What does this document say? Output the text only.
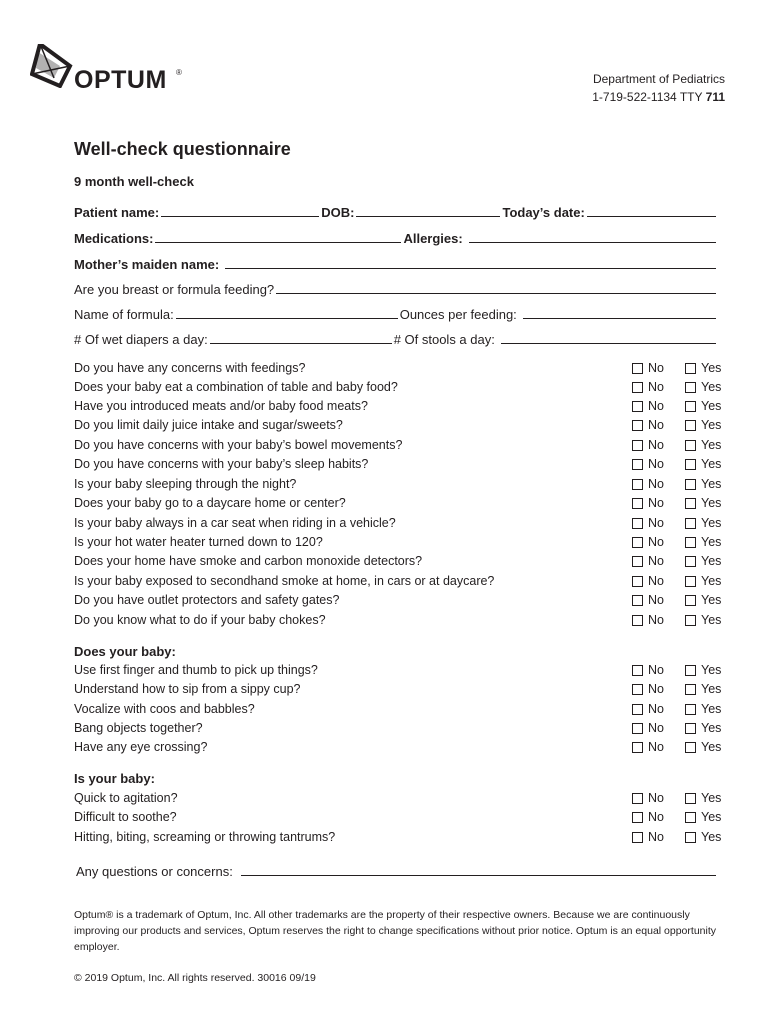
OPTUM ®	Department of Pediatrics
1-719-522-1134 TTY 711
Well-check questionnaire
9 month well-check
Patient name:	DOB:	Today’s date:
Medications:	Allergies:
Mother’s maiden name:
Are you breast or formula feeding?
Name of formula:	Ounces per feeding:
# Of wet diapers a day:	# Of stools a day:
Do you have any concerns with feedings?	No	Yes
Does your baby eat a combination of table and baby food?	No	Yes
Have you introduced meats and/or baby food meats?	No	Yes
Do you limit daily juice intake and sugar/sweets?	No	Yes
Do you have concerns with your baby’s bowel movements?	No	Yes
Do you have concerns with your baby’s sleep habits?	No	Yes
Is your baby sleeping through the night?	No	Yes
Does your baby go to a daycare home or center?	No	Yes
Is your baby always in a car seat when riding in a vehicle?	No	Yes
Is your hot water heater turned down to 120?	No	Yes
Does your home have smoke and carbon monoxide detectors?	No	Yes
Is your baby exposed to secondhand smoke at home, in cars or at daycare?	No	Yes
Do you have outlet protectors and safety gates?	No	Yes
Do you know what to do if your baby chokes?	No	Yes
Does your baby:
Use first finger and thumb to pick up things?	No	Yes
Understand how to sip from a sippy cup?	No	Yes
Vocalize with coos and babbles?	No	Yes
Bang objects together?	No	Yes
Have any eye crossing?	No	Yes
Is your baby:
Quick to agitation?	No	Yes
Difficult to soothe?	No	Yes
Hitting, biting, screaming or throwing tantrums?	No	Yes
Any questions or concerns:
Optum® is a trademark of Optum, Inc. All other trademarks are the property of their respective owners. Because we are continuously improving our products and services, Optum reserves the right to change specifications without prior notice. Optum is an equal opportunity employer.
© 2019 Optum, Inc. All rights reserved. 30016 09/19
